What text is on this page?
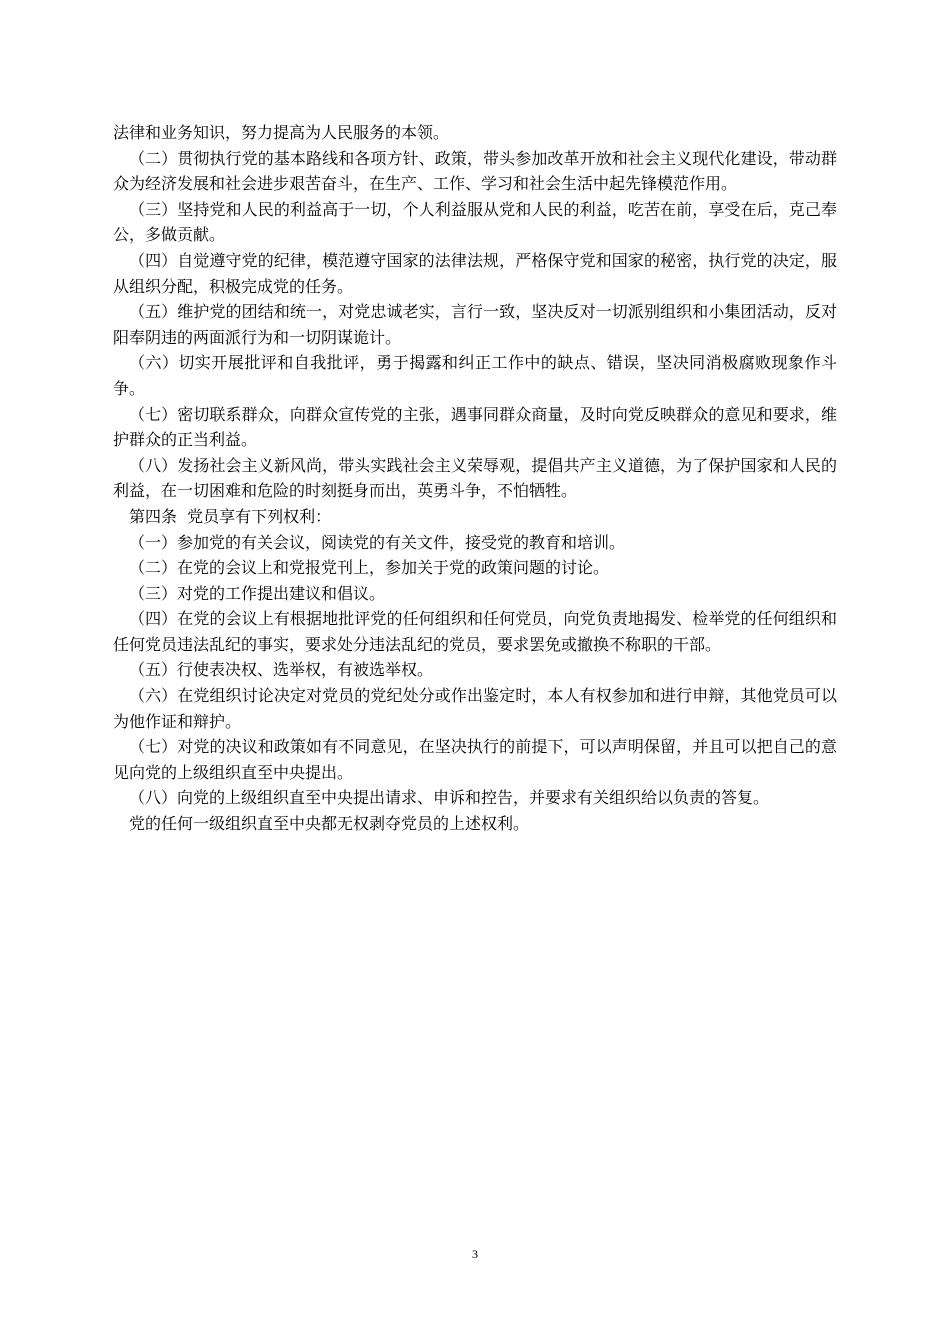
法律和业务知识，努力提高为人民服务的本领。

（二）贯彻执行党的基本路线和各项方针、政策，带头参加改革开放和社会主义现代化建设，带动群众为经济发展和社会进步艰苦奋斗，在生产、工作、学习和社会生活中起先锋模范作用。

（三）坚持党和人民的利益高于一切，个人利益服从党和人民的利益，吃苦在前，享受在后，克己奉公，多做贡献。

（四）自觉遵守党的纪律，模范遵守国家的法律法规，严格保守党和国家的秘密，执行党的决定，服从组织分配，积极完成党的任务。

（五）维护党的团结和统一，对党忠诚老实，言行一致，坚决反对一切派别组织和小集团活动，反对阳奉阴违的两面派行为和一切阴谋诡计。

（六）切实开展批评和自我批评，勇于揭露和纠正工作中的缺点、错误，坚决同消极腐败现象作斗争。

（七）密切联系群众，向群众宣传党的主张，遇事同群众商量，及时向党反映群众的意见和要求，维护群众的正当利益。

（八）发扬社会主义新风尚，带头实践社会主义荣辱观，提倡共产主义道德，为了保护国家和人民的利益，在一切困难和危险的时刻挺身而出，英勇斗争，不怕牺牲。

第四条  党员享有下列权利：

（一）参加党的有关会议，阅读党的有关文件，接受党的教育和培训。

（二）在党的会议上和党报党刊上，参加关于党的政策问题的讨论。

（三）对党的工作提出建议和倡议。

（四）在党的会议上有根据地批评党的任何组织和任何党员，向党负责地揭发、检举党的任何组织和任何党员违法乱纪的事实，要求处分违法乱纪的党员，要求罢免或撤换不称职的干部。

（五）行使表决权、选举权，有被选举权。

（六）在党组织讨论决定对党员的党纪处分或作出鉴定时，本人有权参加和进行申辩，其他党员可以为他作证和辩护。

（七）对党的决议和政策如有不同意见，在坚决执行的前提下，可以声明保留，并且可以把自己的意见向党的上级组织直至中央提出。

（八）向党的上级组织直至中央提出请求、申诉和控告，并要求有关组织给以负责的答复。

党的任何一级组织直至中央都无权剥夺党员的上述权利。

3
